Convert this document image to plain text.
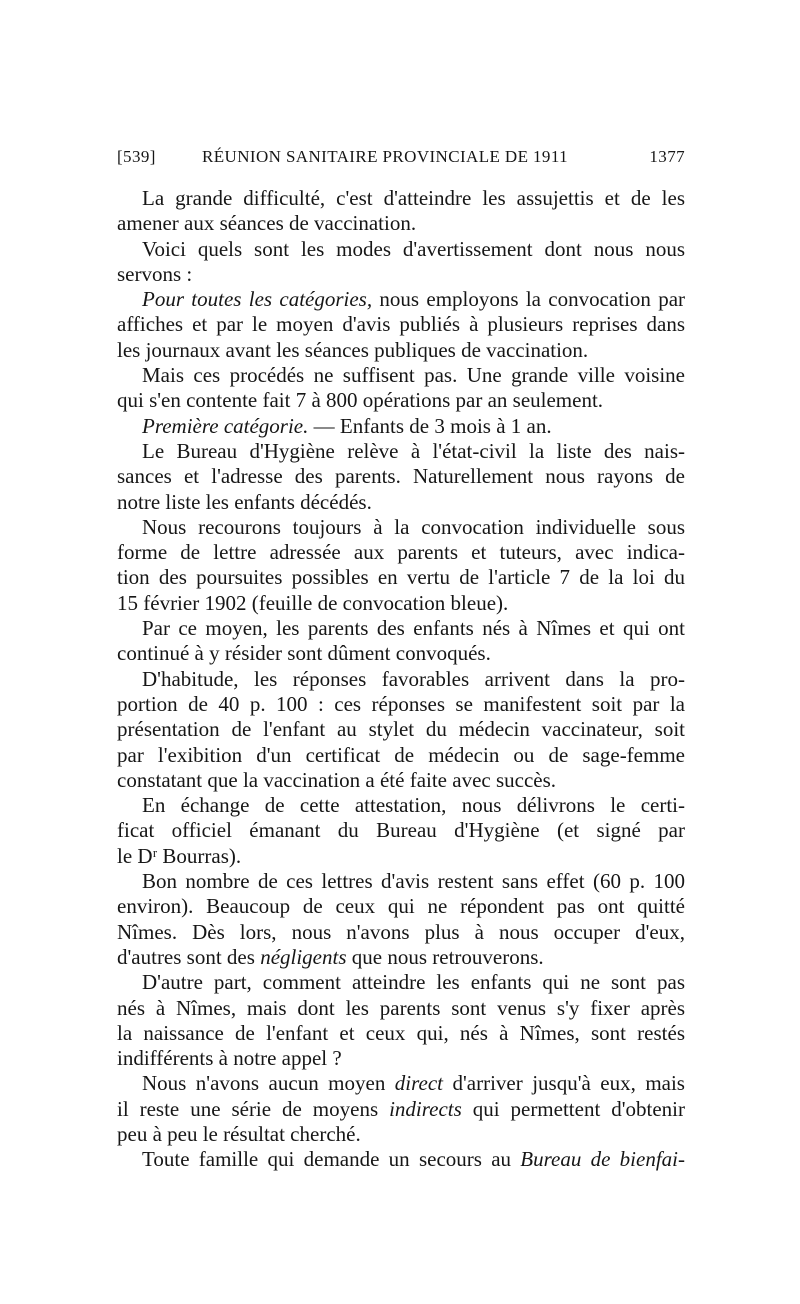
[539]	RÉUNION SANITAIRE PROVINCIALE DE 1911	1377
La grande difficulté, c'est d'atteindre les assujettis et de les
amener aux séances de vaccination.
Voici quels sont les modes d'avertissement dont nous nous
servons :
Pour toutes les catégories, nous employons la convocation par
affiches et par le moyen d'avis publiés à plusieurs reprises dans
les journaux avant les séances publiques de vaccination.
Mais ces procédés ne suffisent pas. Une grande ville voisine
qui s'en contente fait 7 à 800 opérations par an seulement.
Première catégorie. — Enfants de 3 mois à 1 an.
Le Bureau d'Hygiène relève à l'état-civil la liste des nais-
sances et l'adresse des parents. Naturellement nous rayons de
notre liste les enfants décédés.
Nous recourons toujours à la convocation individuelle sous
forme de lettre adressée aux parents et tuteurs, avec indica-
tion des poursuites possibles en vertu de l'article 7 de la loi du
15 février 1902 (feuille de convocation bleue).
Par ce moyen, les parents des enfants nés à Nîmes et qui ont
continué à y résider sont dûment convoqués.
D'habitude, les réponses favorables arrivent dans la pro-
portion de 40 p. 100 : ces réponses se manifestent soit par la
présentation de l'enfant au stylet du médecin vaccinateur, soit
par l'exibition d'un certificat de médecin ou de sage-femme
constatant que la vaccination a été faite avec succès.
En échange de cette attestation, nous délivrons le certi-
ficat officiel émanant du Bureau d'Hygiène (et signé par
le Dʳ Bourras).
Bon nombre de ces lettres d'avis restent sans effet (60 p. 100
environ). Beaucoup de ceux qui ne répondent pas ont quitté
Nîmes. Dès lors, nous n'avons plus à nous occuper d'eux,
d'autres sont des négligents que nous retrouverons.
D'autre part, comment atteindre les enfants qui ne sont pas
nés à Nîmes, mais dont les parents sont venus s'y fixer après
la naissance de l'enfant et ceux qui, nés à Nîmes, sont restés
indifférents à notre appel ?
Nous n'avons aucun moyen direct d'arriver jusqu'à eux, mais
il reste une série de moyens indirects qui permettent d'obtenir
peu à peu le résultat cherché.
Toute famille qui demande un secours au Bureau de bienfai-
